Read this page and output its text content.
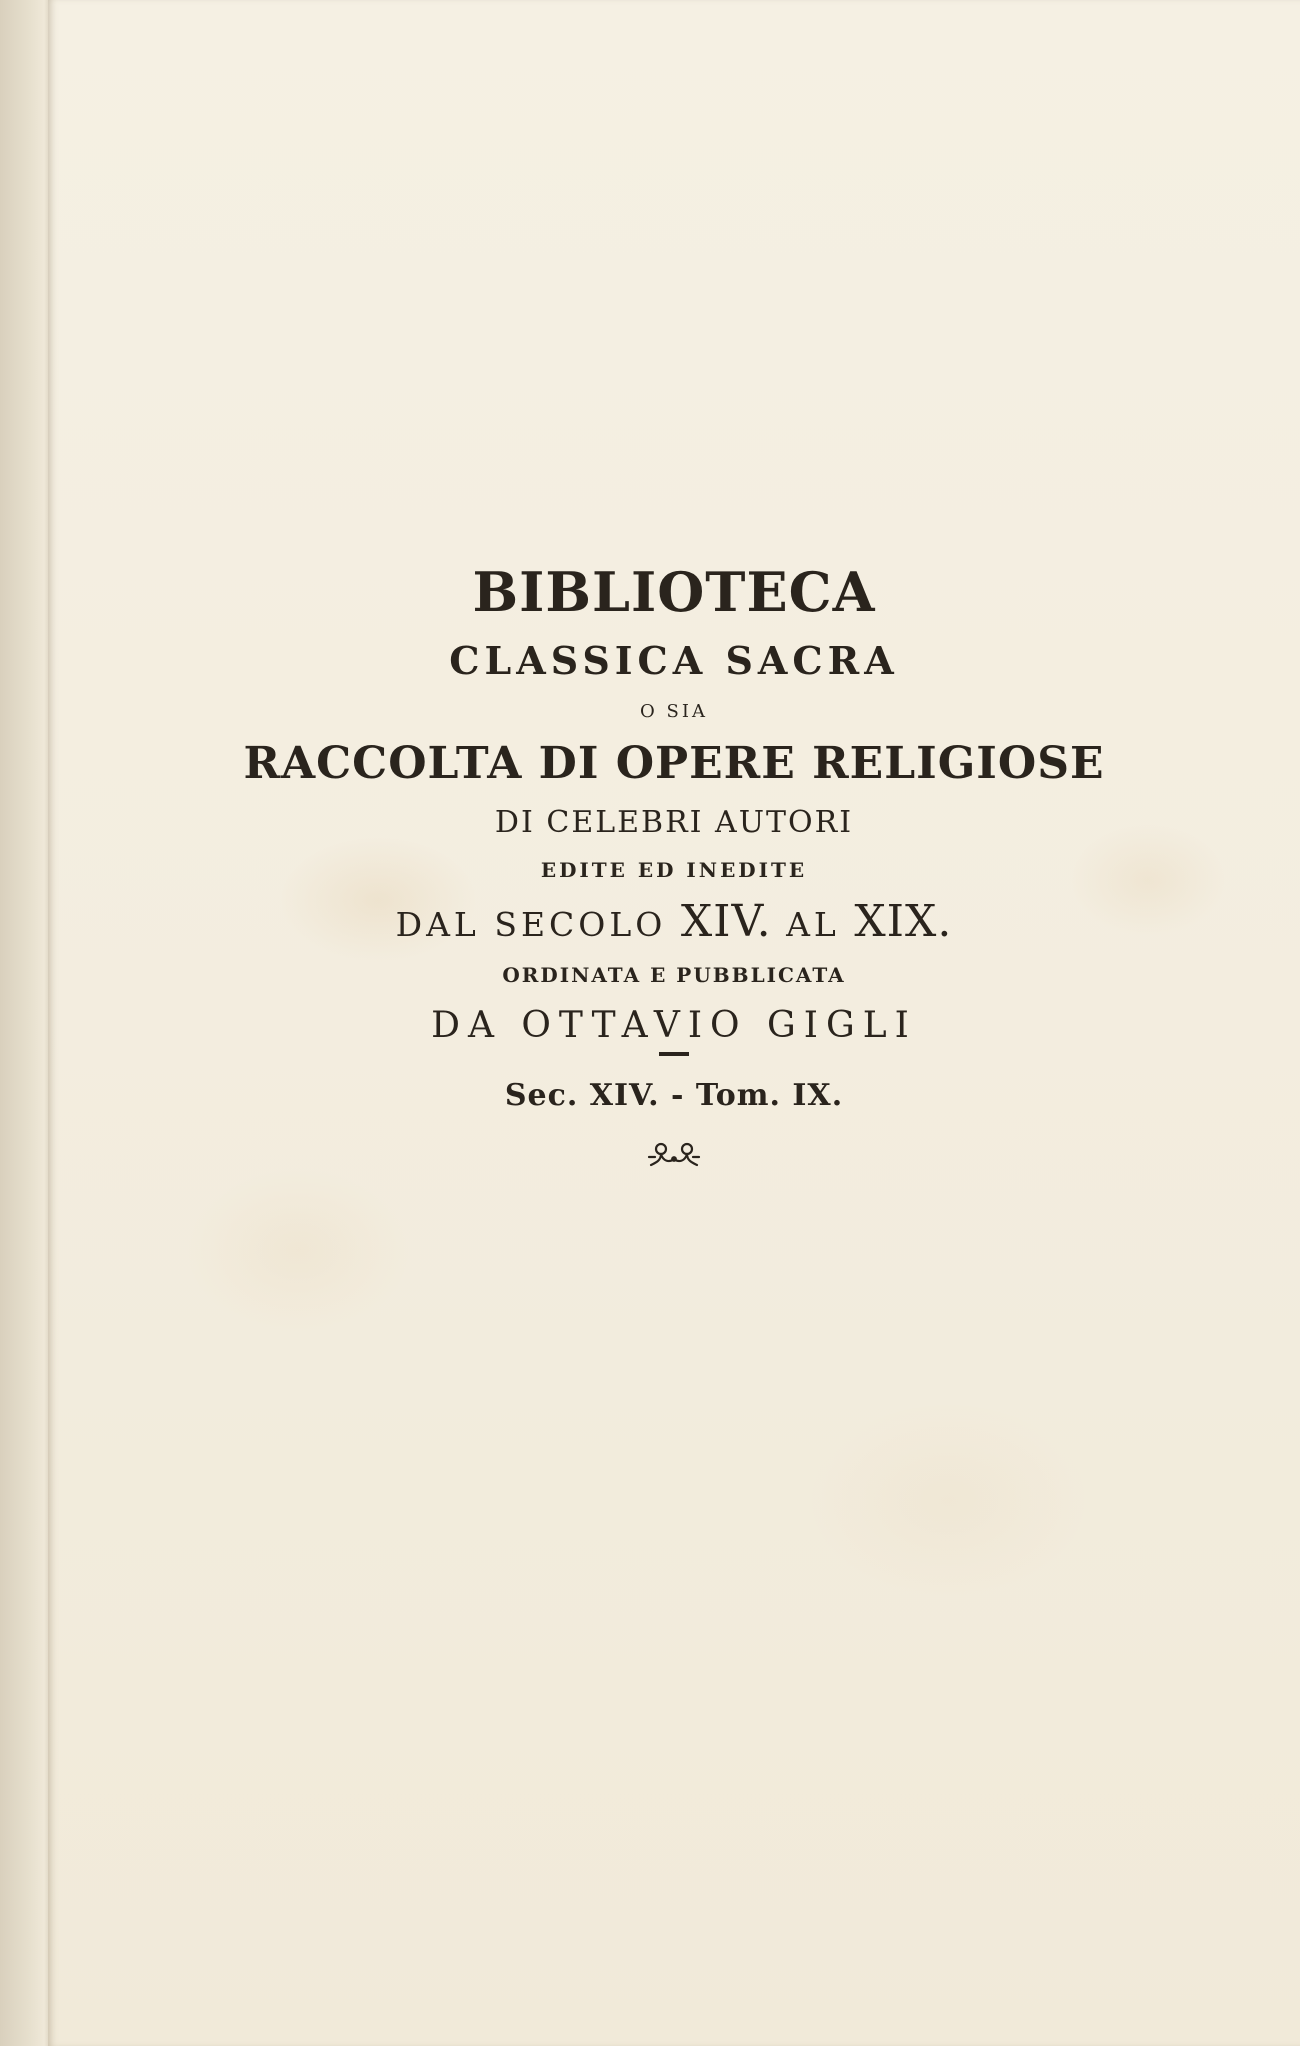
BIBLIOTECA
CLASSICA SACRA
O SIA
RACCOLTA DI OPERE RELIGIOSE
DI CELEBRI AUTORI
EDITE ED INEDITE
DAL SECOLO XIV. AL XIX.
ORDINATA E PUBBLICATA
DA OTTAVIO GIGLI
Sec. XIV. - Tom. IX.
